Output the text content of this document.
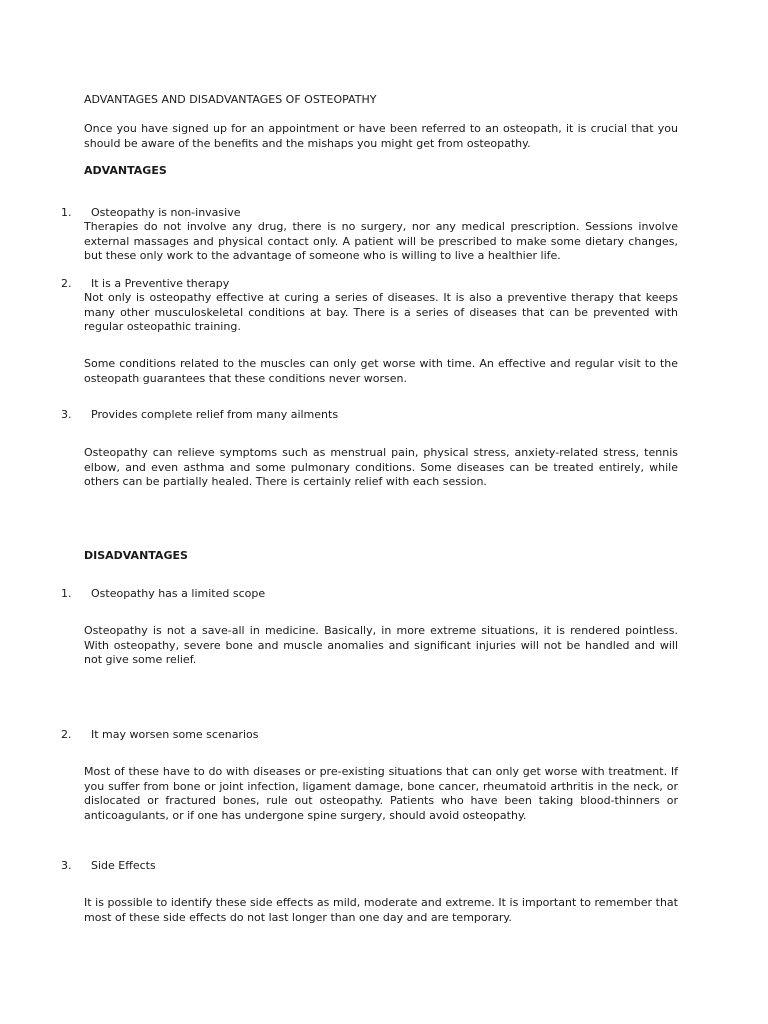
ADVANTAGES AND DISADVANTAGES OF OSTEOPATHY

Once you have signed up for an appointment or have been referred to an osteopath, it is crucial that you should be aware of the benefits and the mishaps you might get from osteopathy.

ADVANTAGES

1. Osteopathy is non-invasive

Therapies do not involve any drug, there is no surgery, nor any medical prescription. Sessions involve external massages and physical contact only. A patient will be prescribed to make some dietary changes, but these only work to the advantage of someone who is willing to live a healthier life.

2. It is a Preventive therapy

Not only is osteopathy effective at curing a series of diseases. It is also a preventive therapy that keeps many other musculoskeletal conditions at bay. There is a series of diseases that can be prevented with regular osteopathic training.

Some conditions related to the muscles can only get worse with time. An effective and regular visit to the osteopath guarantees that these conditions never worsen.

3. Provides complete relief from many ailments

Osteopathy can relieve symptoms such as menstrual pain, physical stress, anxiety-related stress, tennis elbow, and even asthma and some pulmonary conditions. Some diseases can be treated entirely, while others can be partially healed. There is certainly relief with each session.

DISADVANTAGES

1. Osteopathy has a limited scope

Osteopathy is not a save-all in medicine. Basically, in more extreme situations, it is rendered pointless. With osteopathy, severe bone and muscle anomalies and significant injuries will not be handled and will not give some relief.

2. It may worsen some scenarios

Most of these have to do with diseases or pre-existing situations that can only get worse with treatment. If you suffer from bone or joint infection, ligament damage, bone cancer, rheumatoid arthritis in the neck, or dislocated or fractured bones, rule out osteopathy. Patients who have been taking blood-thinners or anticoagulants, or if one has undergone spine surgery, should avoid osteopathy.

3. Side Effects

It is possible to identify these side effects as mild, moderate and extreme. It is important to remember that most of these side effects do not last longer than one day and are temporary.
